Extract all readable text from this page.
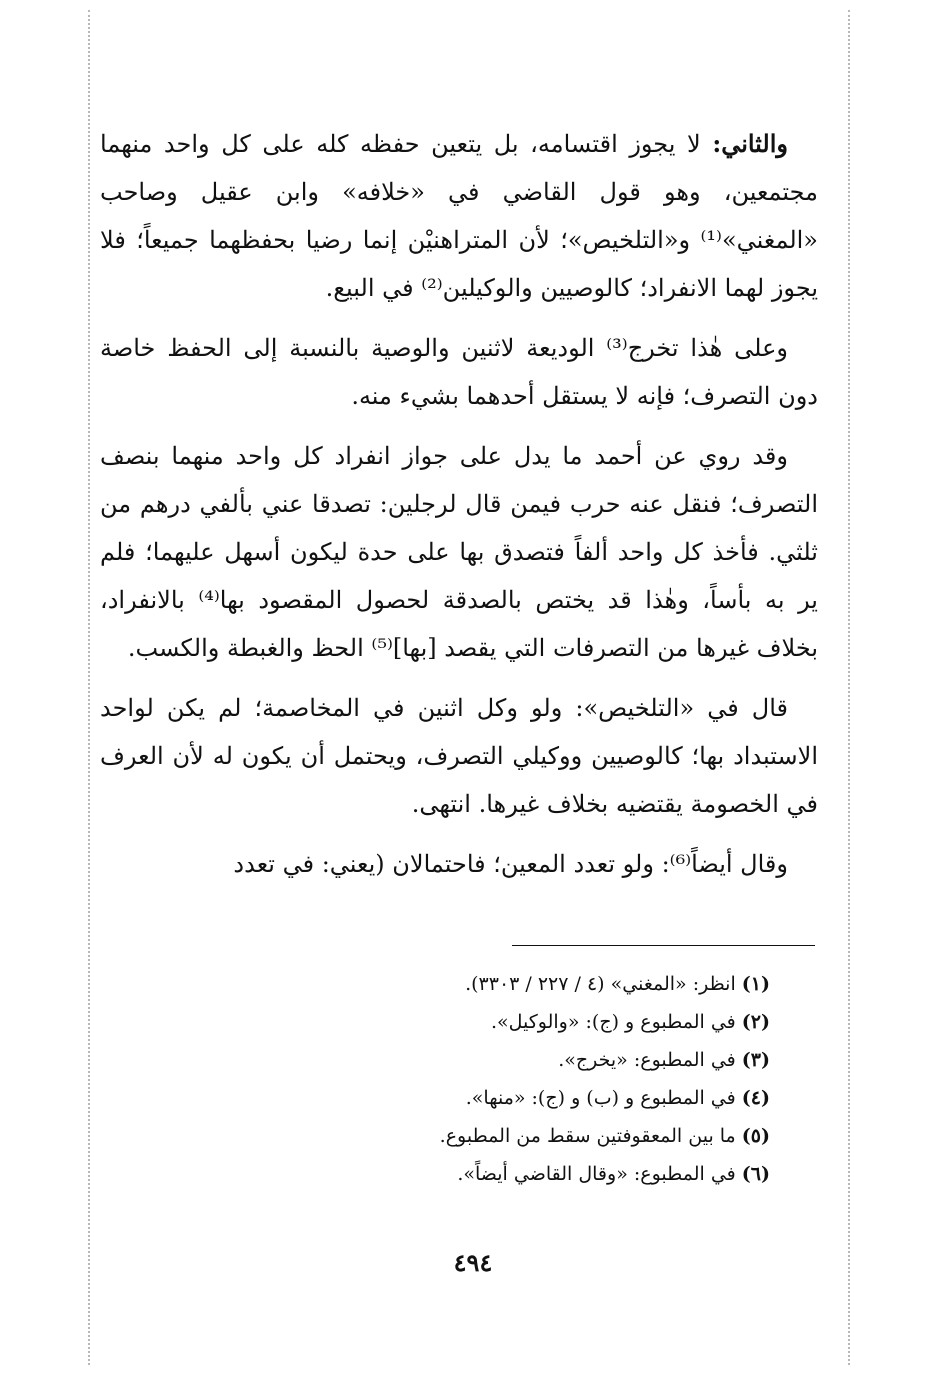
والثاني: لا يجوز اقتسامه، بل يتعين حفظه كله على كل واحد منهما مجتمعين، وهو قول القاضي في «خلافه» وابن عقيل وصاحب «المغني»⁽¹⁾ و«التلخيص»؛ لأن المتراهنيْن إنما رضيا بحفظهما جميعاً؛ فلا يجوز لهما الانفراد؛ كالوصيين والوكيلين⁽²⁾ في البيع.

وعلى هٰذا تخرج⁽³⁾ الوديعة لاثنين والوصية بالنسبة إلى الحفظ خاصة دون التصرف؛ فإنه لا يستقل أحدهما بشيء منه.

وقد روي عن أحمد ما يدل على جواز انفراد كل واحد منهما بنصف التصرف؛ فنقل عنه حرب فيمن قال لرجلين: تصدقا عني بألفي درهم من ثلثي. فأخذ كل واحد ألفاً فتصدق بها على حدة ليكون أسهل عليهما؛ فلم ير به بأساً، وهٰذا قد يختص بالصدقة لحصول المقصود بها⁽⁴⁾ بالانفراد، بخلاف غيرها من التصرفات التي يقصد [بها]⁽⁵⁾ الحظ والغبطة والكسب.

قال في «التلخيص»: ولو وكل اثنين في المخاصمة؛ لم يكن لواحد الاستبداد بها؛ كالوصيين ووكيلي التصرف، ويحتمل أن يكون له لأن العرف في الخصومة يقتضيه بخلاف غيرها. انتهى.

وقال أيضاً⁽⁶⁾: ولو تعدد المعين؛ فاحتمالان (يعني: في تعدد

(١) انظر: «المغني» (٤ / ٢٢٧ / ٣٣٠٣).

(٢) في المطبوع و (ج): «والوكيل».

(٣) في المطبوع: «يخرج».

(٤) في المطبوع و (ب) و (ج): «منها».

(٥) ما بين المعقوفتين سقط من المطبوع.

(٦) في المطبوع: «وقال القاضي أيضاً».

٤٩٤
